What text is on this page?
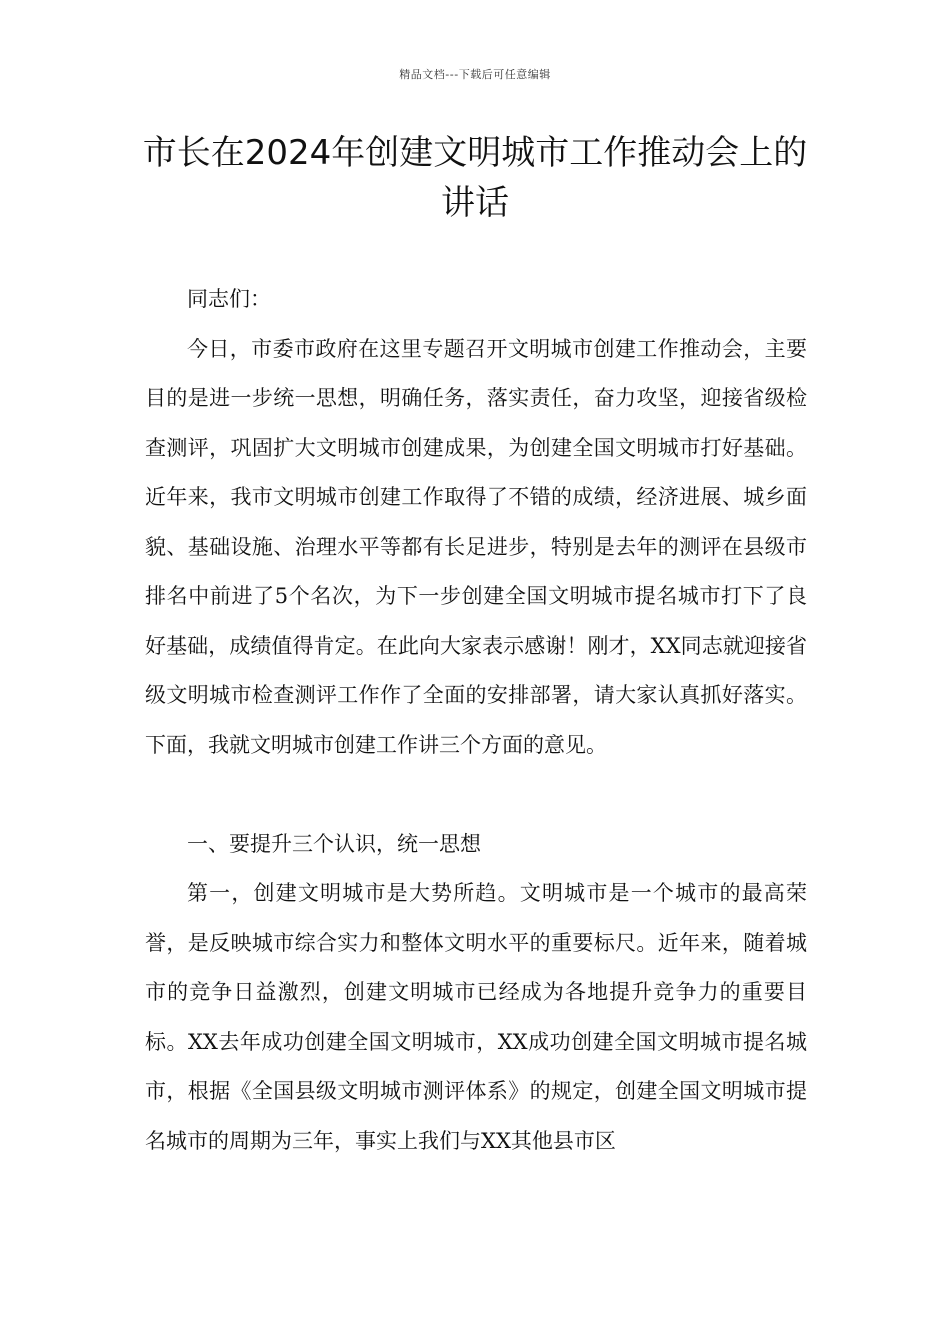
精品文档---下载后可任意编辑
市长在2024年创建文明城市工作推动会上的讲话

同志们：

今日，市委市政府在这里专题召开文明城市创建工作推动会，主要目的是进一步统一思想，明确任务，落实责任，奋力攻坚，迎接省级检查测评，巩固扩大文明城市创建成果，为创建全国文明城市打好基础。近年来，我市文明城市创建工作取得了不错的成绩，经济进展、城乡面貌、基础设施、治理水平等都有长足进步，特别是去年的测评在县级市排名中前进了5个名次，为下一步创建全国文明城市提名城市打下了良好基础，成绩值得肯定。在此向大家表示感谢！刚才，XX同志就迎接省级文明城市检查测评工作作了全面的安排部署，请大家认真抓好落实。下面，我就文明城市创建工作讲三个方面的意见。

一、要提升三个认识，统一思想

第一，创建文明城市是大势所趋。文明城市是一个城市的最高荣誉，是反映城市综合实力和整体文明水平的重要标尺。近年来，随着城市的竞争日益激烈，创建文明城市已经成为各地提升竞争力的重要目标。XX去年成功创建全国文明城市，XX成功创建全国文明城市提名城市，根据《全国县级文明城市测评体系》的规定，创建全国文明城市提名城市的周期为三年，事实上我们与XX其他县市区
